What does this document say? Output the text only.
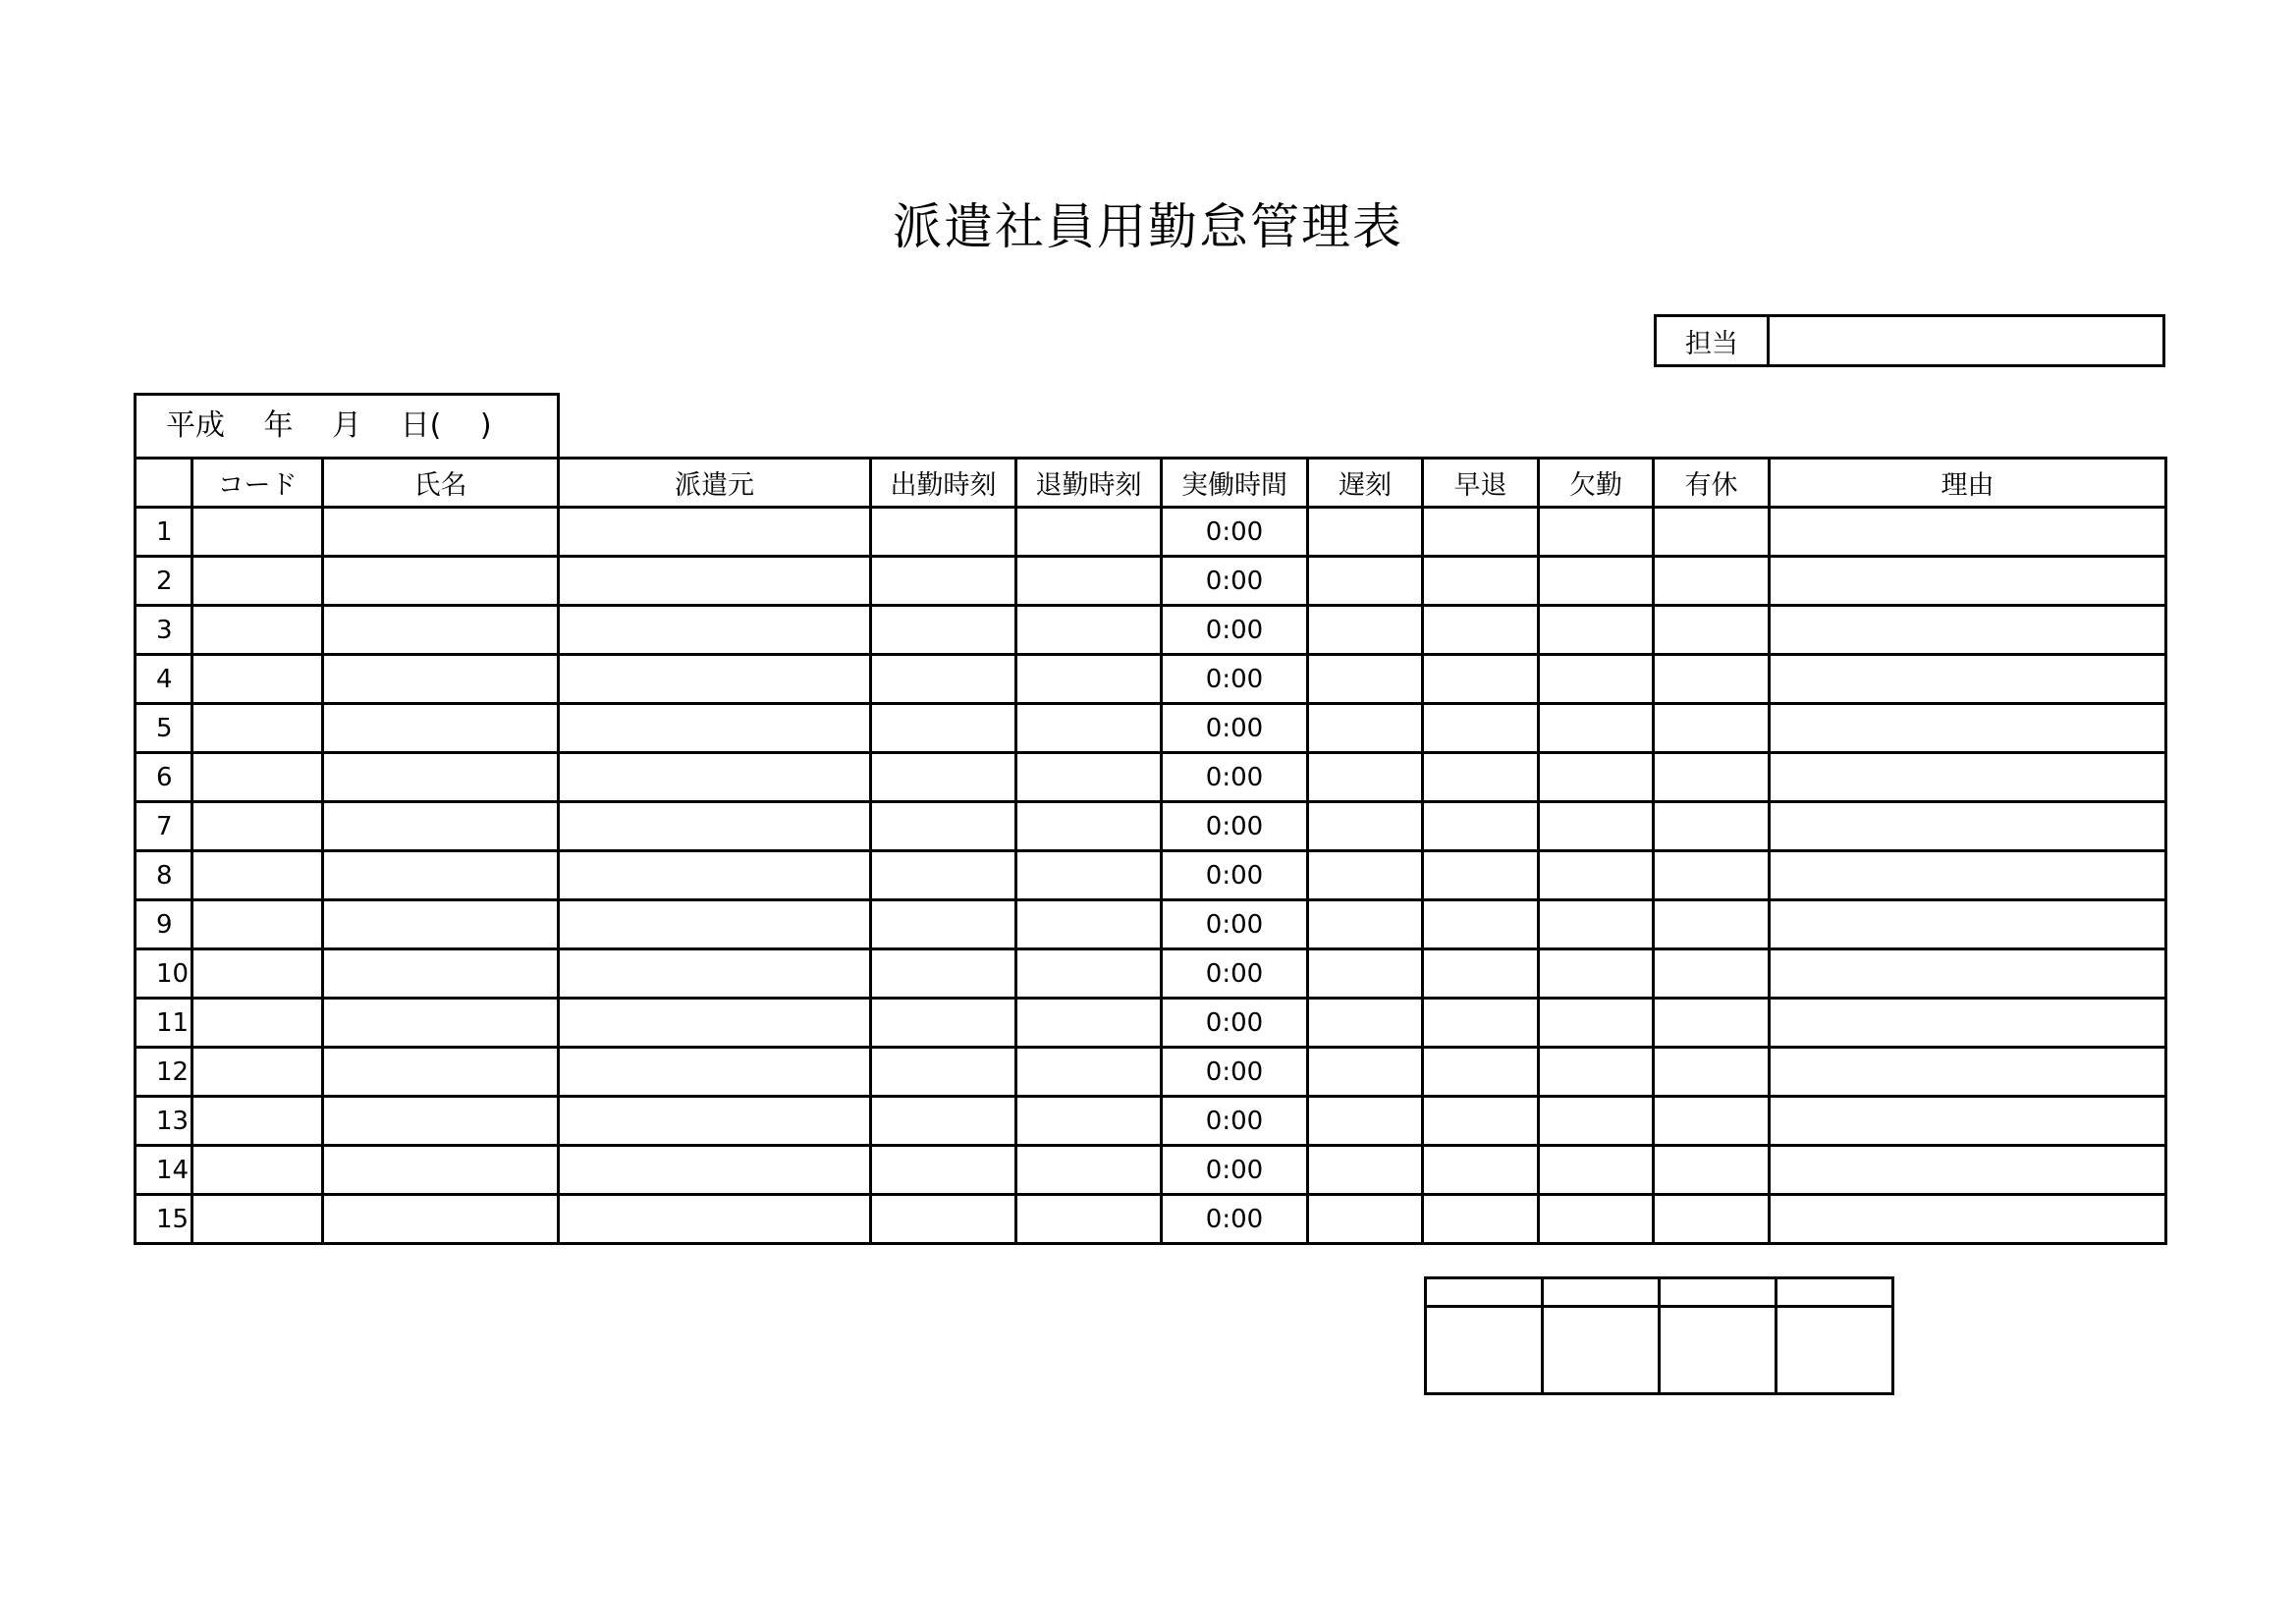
派遣社員用勤怠管理表
担当	
平成　 年　 月　 日(　 )
	コード	氏名	派遣元	出勤時刻	退勤時刻	実働時間	遅刻	早退	欠勤	有休	理由
1						0:00					
2						0:00					
3						0:00					
4						0:00					
5						0:00					
6						0:00					
7						0:00					
8						0:00					
9						0:00					
10						0:00					
11						0:00					
12						0:00					
13						0:00					
14						0:00					
15						0:00					
